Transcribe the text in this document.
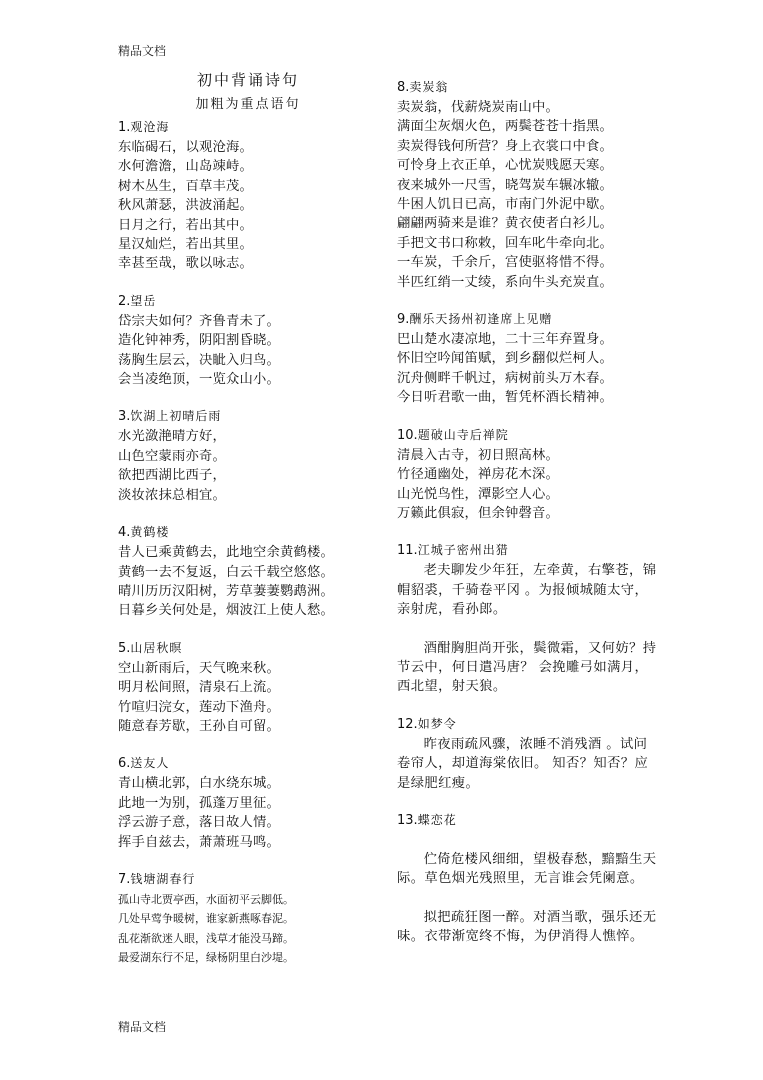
精品文档
初中背诵诗句
加粗为重点语句
1. 观沧海
东临碣石，以观沧海。
水何澹澹，山岛竦峙。
树木丛生，百草丰茂。
秋风萧瑟，洪波涌起。
日月之行，若出其中。
星汉灿烂，若出其里。
幸甚至哉，歌以咏志。
2. 望岳
岱宗夫如何？齐鲁青未了。
造化钟神秀，阴阳割昏晓。
荡胸生层云，决眦入归鸟。
会当凌绝顶，一览众山小。
3. 饮湖上初晴后雨
水光潋滟晴方好，
山色空蒙雨亦奇。
欲把西湖比西子，
淡妆浓抹总相宜。
4. 黄鹤楼
昔人已乘黄鹤去，此地空余黄鹤楼。
黄鹤一去不复返，白云千载空悠悠。
晴川历历汉阳树，芳草萋萋鹦鹉洲。
日暮乡关何处是，烟波江上使人愁。
5. 山居秋暝
空山新雨后，天气晚来秋。
明月松间照，清泉石上流。
竹喧归浣女，莲动下渔舟。
随意春芳歇，王孙自可留。
6. 送友人
青山横北郭，白水绕东城。
此地一为别，孤蓬万里征。
浮云游子意，落日故人情。
挥手自兹去，萧萧班马鸣。
7. 钱塘湖春行
孤山寺北贾亭西，水面初平云脚低。
几处早莺争暖树，谁家新燕啄春泥。
乱花渐欲迷人眼，浅草才能没马蹄。
最爱湖东行不足，绿杨阴里白沙堤。
8. 卖炭翁
卖炭翁，伐薪烧炭南山中。
满面尘灰烟火色，两鬓苍苍十指黑。
卖炭得钱何所营？身上衣裳口中食。
可怜身上衣正单，心忧炭贱愿天寒。
夜来城外一尺雪，晓驾炭车辗冰辙。
牛困人饥日已高，市南门外泥中歇。
翩翩两骑来是谁？黄衣使者白衫儿。
手把文书口称敕，回车叱牛牵向北。
一车炭，千余斤，宫使驱将惜不得。
半匹红绡一丈绫，系向牛头充炭直。
9. 酬乐天扬州初逢席上见赠
巴山楚水凄凉地，二十三年弃置身。
怀旧空吟闻笛赋，到乡翻似烂柯人。
沉舟侧畔千帆过，病树前头万木春。
今日听君歌一曲，暂凭杯酒长精神。
10. 题破山寺后禅院
清晨入古寺，初日照高林。
竹径通幽处，禅房花木深。
山光悦鸟性，潭影空人心。
万籁此俱寂，但余钟磬音。
11. 江城子密州出猎

老夫聊发少年狂，左牵黄，右擎苍，锦帽貂裘，千骑卷平冈 。为报倾城随太守，亲射虎，看孙郎。

酒酣胸胆尚开张，鬓微霜，又何妨？持节云中，何日遣冯唐？ 会挽雕弓如满月，西北望，射天狼。

12. 如梦令

昨夜雨疏风骤，浓睡不消残酒 。试问卷帘人，却道海棠依旧。 知否？知否？应是绿肥红瘦。

13. 蝶恋花

伫倚危楼风细细，望极春愁，黯黯生天际。草色烟光残照里，无言谁会凭阑意。

拟把疏狂图一醉。对酒当歌，强乐还无味。衣带渐宽终不悔，为伊消得人憔悴。

精品文档
